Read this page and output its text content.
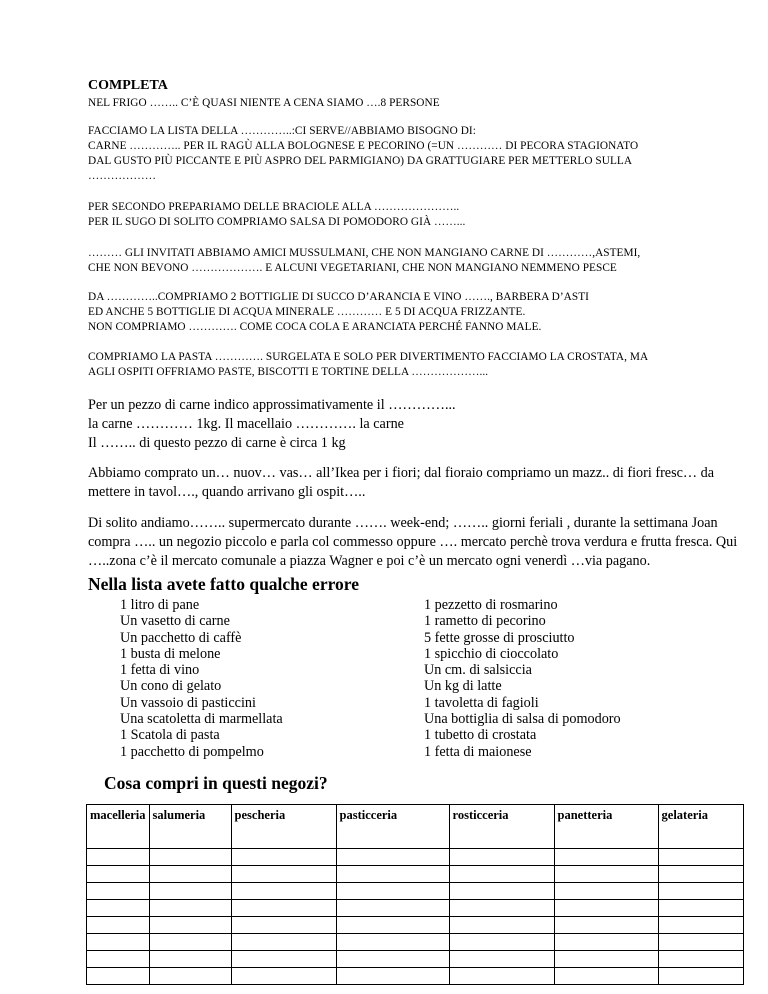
COMPLETA
NEL FRIGO …….. C’È QUASI NIENTE A CENA SIAMO ….8 PERSONE
FACCIAMO LA LISTA DELLA …………..:CI SERVE//ABBIAMO BISOGNO DI:
CARNE ………….. PER IL RAGÙ ALLA BOLOGNESE E PECORINO (=UN ………… DI PECORA STAGIONATO
DAL GUSTO PIÙ PICCANTE E PIÙ ASPRO DEL PARMIGIANO) DA GRATTUGIARE PER METTERLO SULLA
………………
PER SECONDO PREPARIAMO DELLE BRACIOLE ALLA …………………..
PER IL SUGO DI SOLITO COMPRIAMO SALSA DI POMODORO GIÀ ……...
……… GLI INVITATI ABBIAMO AMICI MUSSULMANI, CHE NON MANGIANO CARNE DI …………,ASTEMI,
CHE NON BEVONO ………………. E ALCUNI VEGETARIANI, CHE NON MANGIANO NEMMENO PESCE
DA …………..COMPRIAMO 2 BOTTIGLIE DI SUCCO D’ARANCIA E VINO ……., BARBERA D’ASTI
ED ANCHE 5 BOTTIGLIE DI ACQUA MINERALE ………… E 5 DI ACQUA FRIZZANTE.
NON COMPRIAMO …………. COME COCA COLA E ARANCIATA PERCHÉ FANNO MALE.
COMPRIAMO LA PASTA …………. SURGELATA E SOLO PER DIVERTIMENTO FACCIAMO LA CROSTATA, MA
AGLI OSPITI OFFRIAMO PASTE, BISCOTTI E TORTINE DELLA ………………...
Per un pezzo di carne indico approssimativamente il …………...
la carne ………… 1kg. Il macellaio …………. la carne
Il …….. di questo pezzo di carne è circa 1 kg
Abbiamo comprato un… nuov… vas… all’Ikea per i fiori; dal fioraio compriamo un mazz.. di fiori fresc… da
mettere in tavol…., quando arrivano gli ospit…..
Di solito andiamo…….. supermercato durante ……. week-end; …….. giorni feriali , durante la settimana Joan
compra ….. un negozio piccolo e parla col commesso oppure …. mercato perchè trova verdura e frutta fresca. Qui
…..zona c’è il mercato comunale a piazza Wagner e poi c’è un mercato ogni venerdì …via pagano.
Nella lista avete fatto qualche errore
1 litro di pane
Un vasetto di carne
Un pacchetto di caffè
1 busta di melone
1 fetta di vino
Un cono di gelato
Un vassoio di pasticcini
Una scatoletta di marmellata
1 Scatola di pasta
1 pacchetto di pompelmo
1 pezzetto di rosmarino
1 rametto di pecorino
5 fette grosse di prosciutto
1 spicchio di cioccolato
Un cm. di salsiccia
Un kg di latte
1 tavoletta di fagioli
Una bottiglia di salsa di pomodoro
1 tubetto di crostata
1 fetta di maionese
Cosa compri in questi negozi?
macelleria	salumeria	pescheria	pasticceria	rosticceria	panetteria	gelateria
